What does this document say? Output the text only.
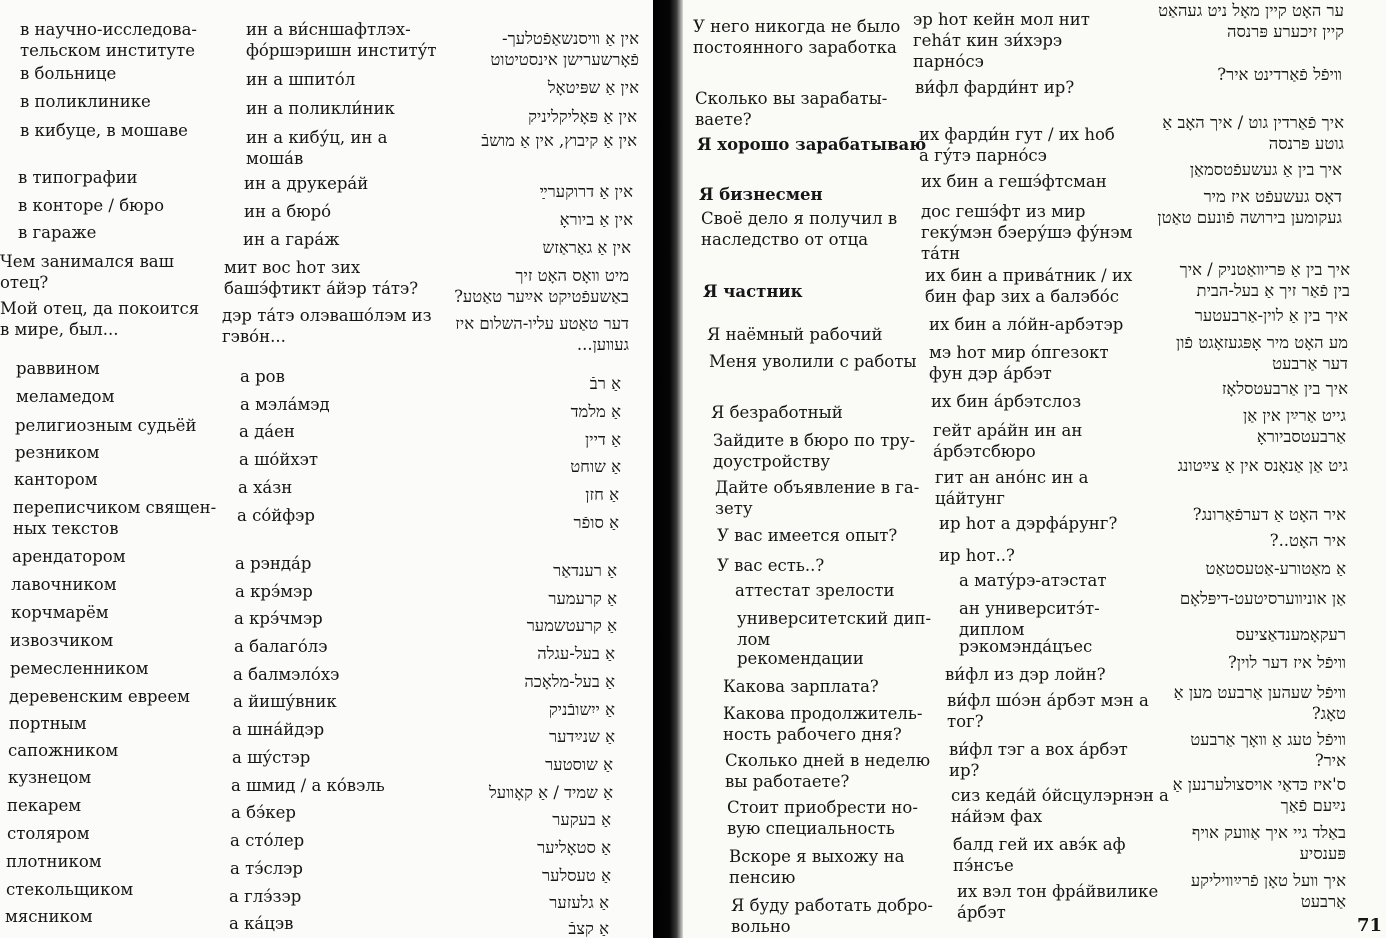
в научно-исследова-
тельском институте
в больнице
в поликлинике
в кибуце, в мошаве
в типографии
в конторе / бюро
в гараже
Чем занимался ваш
отец?
Мой отец, да покоится
в мире, был...
раввином
меламедом
религиозным судьёй
резником
кантором
переписчиком священ-
ных текстов
арендатором
лавочником
корчмарём
извозчиком
ремесленником
деревенским евреем
портным
сапожником
кузнецом
пекарем
столяром
плотником
стекольщиком
мясником
ин а ви́сншафтлэх-
фо́ршэришн институ́т
ин а шпито́л
ин а поликли́ник
ин а кибу́ц, ин а
моша́в
ин а друкера́й
ин а бюро́
ин а гара́ж
мит вос hот зих
башэ́фтикт а́йэр та́тэ?
дэр та́тэ олэвашо́лэм из
гэво́н...
а ров
а мэла́мэд
а да́ен
а шо́йхэт
а ха́зн
а со́йфэр
а рэнда́р
а крэ́мэр
а крэ́чмэр
а балаго́лэ
а балмэло́хэ
а йишу́вник
а шна́йдэр
а шу́стэр
а шмид / а ко́вэль
а бэ́кер
а сто́лер
а тэ́слэр
а глэ́зэр
а ка́цэв
אין אַ װיסנשאַפֿטלעך-
פֿאָרשערישן אינסטיטוט
אין אַ שפּיטאָל
אין אַ פּאָליקליניק
אין אַ קיבוץ, אין אַ מושבֿ
אין אַ דרוקערײַ
אין אַ ביוראָ
אין אַ גאַראַזש
מיט װאָס האָט זיך
באַשעפֿטיקט אײַער טאַטע?
דער טאַטע עליו-השלום איז
געװען...
אַ רבֿ
אַ מלמד
אַ דיין
אַ שוחט
אַ חזן
אַ סופֿר
אַ רענדאַר
אַ קרעמער
אַ קרעטשמער
אַ בעל-עגלה
אַ בעל-מלאָכה
אַ ייִשובֿניק
אַ שנײַדער
אַ שוסטער
אַ שמיד / אַ קאָװעל
אַ בעקער
אַ סטאָליער
אַ טעסלער
אַ גלעזער
אַ קצבֿ
У него никогда не было
постоянного заработка
Сколько вы зарабаты-
ваете?
Я хорошо зарабатываю
Я бизнесмен
Своё дело я получил в
наследство от отца
Я частник
Я наёмный рабочий
Меня уволили с работы
Я безработный
Зайдите в бюро по тру-
доустройству
Дайте объявление в га-
зету
У вас имеется опыт?
У вас есть..?
аттестат зрелости
университетский дип-
лом
рекомендации
Какова зарплата?
Какова продолжитель-
ность рабочего дня?
Сколько дней в неделю
вы работаете?
Стоит приобрести но-
вую специальность
Вскоре я выхожу на
пенсию
Я буду работать добро-
вольно
эр hот кейн мол нит
геhа́т кин зи́хэрэ
парно́сэ
ви́фл фарди́нт ир?
их фарди́н гут / их hоб
а гу́тэ парно́сэ
их бин а гешэ́фтсман
дос гешэ́фт из мир
геку́мэн бэеру́шэ фу́нэм
та́тн
их бин а прива́тник / их
бин фар зих а балэбо́с
их бин а ло́йн-арбэтэр
мэ hот мир о́пгезокт
фун дэр а́рбэт
их бин а́рбэтслоз
гейт ара́йн ин ан
а́рбэтсбюро
гит ан ано́нс ин а
ца́йтунг
ир hот а дэрфа́рунг?
ир hот..?
а мату́рэ-атэстат
ан университэ́т-
диплом
рэкомэнда́цъес
ви́фл из дэр лойн?
ви́фл шо́эн а́рбэт мэн а
тог?
ви́фл тэг а вох а́рбэт
ир?
сиз кеда́й о́йсцулэрнэн а
на́йэм фах
балд гей их авэ́к аф
пэ́нсъе
их вэл тон фра́йвилике
а́рбэт
ער האָט קיין מאָל ניט געהאַט
קיין זיכערע פּרנסה
װיפֿל פֿאַרדינט איר?
איך פֿאַרדין גוט / איך האָב אַ
גוטע פּרנסה
איך בין אַ געשעפֿטסמאַן
דאָס געשעפֿט איז מיר
געקומען בירושה פֿונעם טאַטן
איך בין אַ פּריװאַטניק / איך
בין פֿאַר זיך אַ בעל-הבית
איך בין אַ לוין-אַרבעטער
מע האָט מיר אָפּגעזאָגט פֿון
דער אַרבעט
איך בין אַרבעטסלאָז
גייט אַרײַן אין אַן
אַרבעטסביוראָ
גיט אַן אַנאָנס אין אַ צײַטונג
איר האָט אַ דערפֿאַרונג?
איר האָט..?
אַ מאַטורע-אַטעסטאַט
אַן אוניװערסיטעט-דיפּלאָם
רעקאָמענדאַציעס
װיפֿל איז דער לוין?
װיפֿל שעהען אַרבעט מען אַ
טאָג?
װיפֿל טעג אַ װאָך אַרבעט
איר?
ס'איז כּדאַי אויסצולערנען אַ
נײַעם פֿאַך
באַלד גיי איך אַװעק אויף
פּענסיע
איך װעל טאָן פֿרײַװיליקע
אַרבעט
71
